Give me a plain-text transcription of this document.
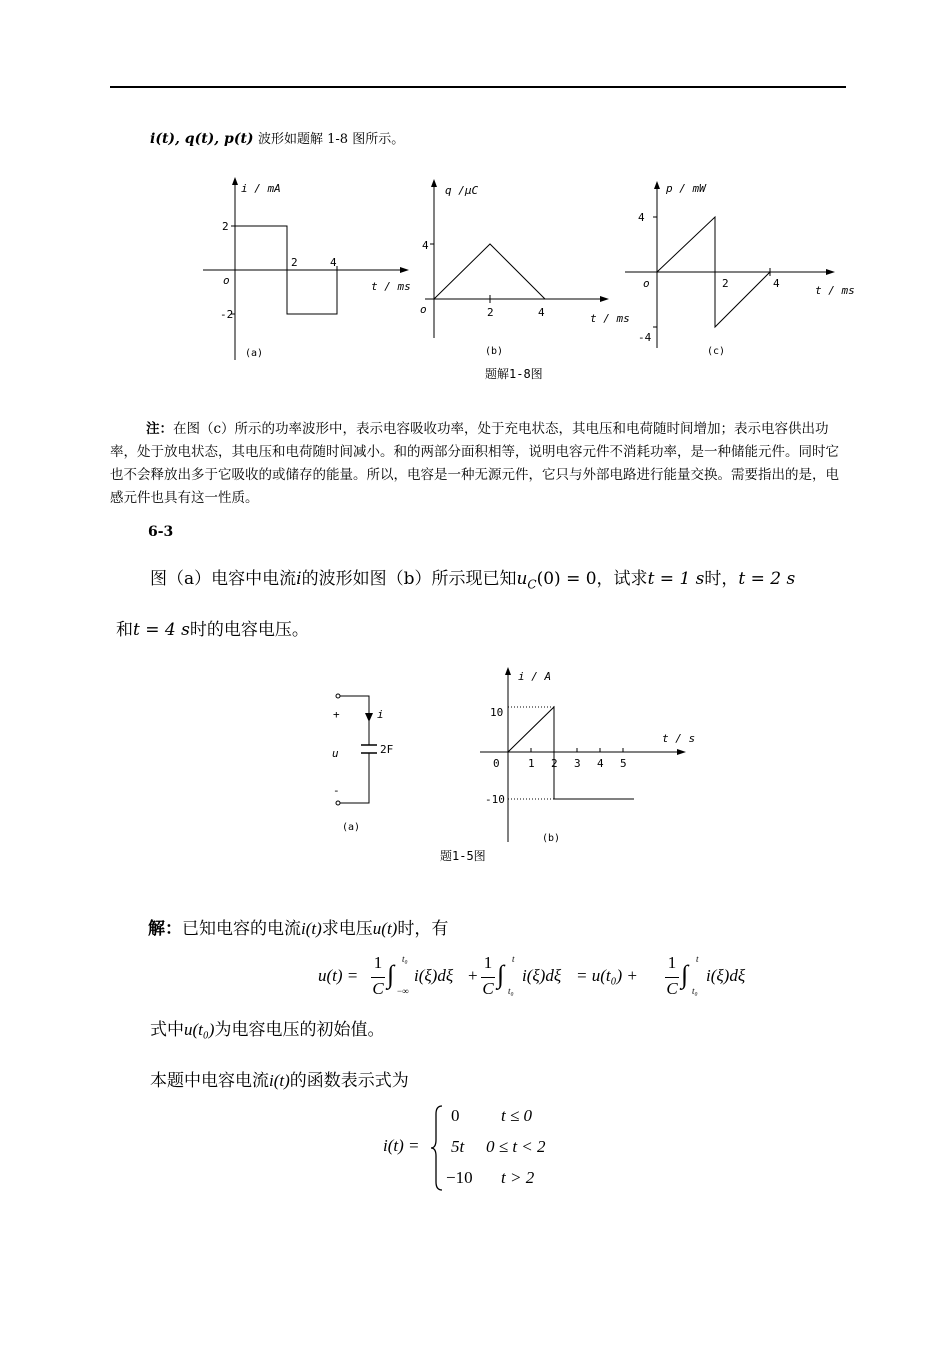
i(t), q(t), p(t) 波形如题解 1-8 图所示。
i / mA
o
2
-2
2	4
t / ms
(a)
q /μC
4
o	2	4	t / ms
(b)
p / mW
4
-4
o	2	4
t / ms
(c)
题解1-8图
注：在图（c）所示的功率波形中，表示电容吸收功率，处于充电状态，其电压和电荷随时间增加；表示电容供出功率，处于放电状态，其电压和电荷随时间减小。和的两部分面积相等，说明电容元件不消耗功率，是一种储能元件。同时它也不会释放出多于它吸收的或储存的能量。所以，电容是一种无源元件，它只与外部电路进行能量交换。需要指出的是，电感元件也具有这一性质。
6-3
图（a）电容中电流i的波形如图（b）所示现已知$u_C(0) = 0$，试求t = 1 s时，t = 2 s
和t = 4 s时的电容电压。
+
-
u
i
2F
(a)
i / A
10
-10
0	1 2 3 4 5
t / s
(b)
题1-5图
解：已知电容的电流i(t)求电压u(t)时，有
u(t) =
1
C ∫
t₀
−∞
i(ξ)dξ +
1
C ∫
t
t₀
i(ξ)dξ = u(t₀) +
1
C ∫
t
t₀
i(ξ)dξ
式中u(t₀)为电容电压的初始值。
本题中电容电流i(t)的函数表示式为
i(t) =
0 t ≤ 0
5t 0 ≤ t < 2
−10 t > 2
